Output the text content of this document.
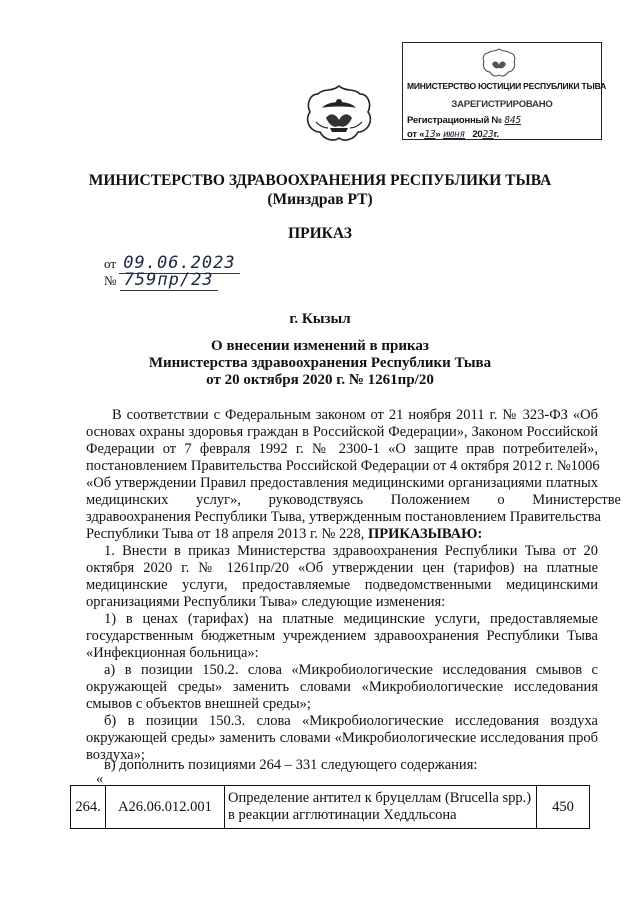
МИНИСТЕРСТВО ЮСТИЦИИ РЕСПУБЛИКИ ТЫВА
ЗАРЕГИСТРИРОВАНО
Регистрационный № 845
от «13» июня 2023г.
МИНИСТЕРСТВО ЗДРАВООХРАНЕНИЯ РЕСПУБЛИКИ ТЫВА
(Минздрав РТ)
ПРИКАЗ
от 09.06.2023
№ 759пр/23
г. Кызыл
О внесении изменений в приказ
Министерства здравоохранения Республики Тыва
от 20 октября 2020 г. № 1261пр/20
В соответствии с Федеральным законом от 21 ноября 2011 г. № 323-ФЗ «Об
основах охраны здоровья граждан в Российской Федерации», Законом Российской
Федерации от 7 февраля 1992 г. № 2300-1 «О защите прав потребителей»,
постановлением Правительства Российской Федерации от 4 октября 2012 г. №1006
«Об утверждении Правил предоставления медицинскими организациями платных
медицинских услуг», руководствуясь Положением о Министерстве
здравоохранения Республики Тыва, утвержденным постановлением Правительства
Республики Тыва от 18 апреля 2013 г. № 228, ПРИКАЗЫВАЮ:
1. Внести в приказ Министерства здравоохранения Республики Тыва от 20
октября 2020 г. № 1261пр/20 «Об утверждении цен (тарифов) на платные
медицинские услуги, предоставляемые подведомственными медицинскими
организациями Республики Тыва» следующие изменения:
1) в ценах (тарифах) на платные медицинские услуги, предоставляемые
государственным бюджетным учреждением здравоохранения Республики Тыва
«Инфекционная больница»:
а) в позиции 150.2. слова «Микробиологические исследования смывов с
окружающей среды» заменить словами «Микробиологические исследования
смывов с объектов внешней среды»;
б) в позиции 150.3. слова «Микробиологические исследования воздуха
окружающей среды» заменить словами «Микробиологические исследования проб
воздуха»;
в) дополнить позициями 264 – 331 следующего содержания:
«
264.	A26.06.012.001	
Определение антител к бруцеллам (Brucella spp.)
в реакции агглютинации Хеддльсона
	450
